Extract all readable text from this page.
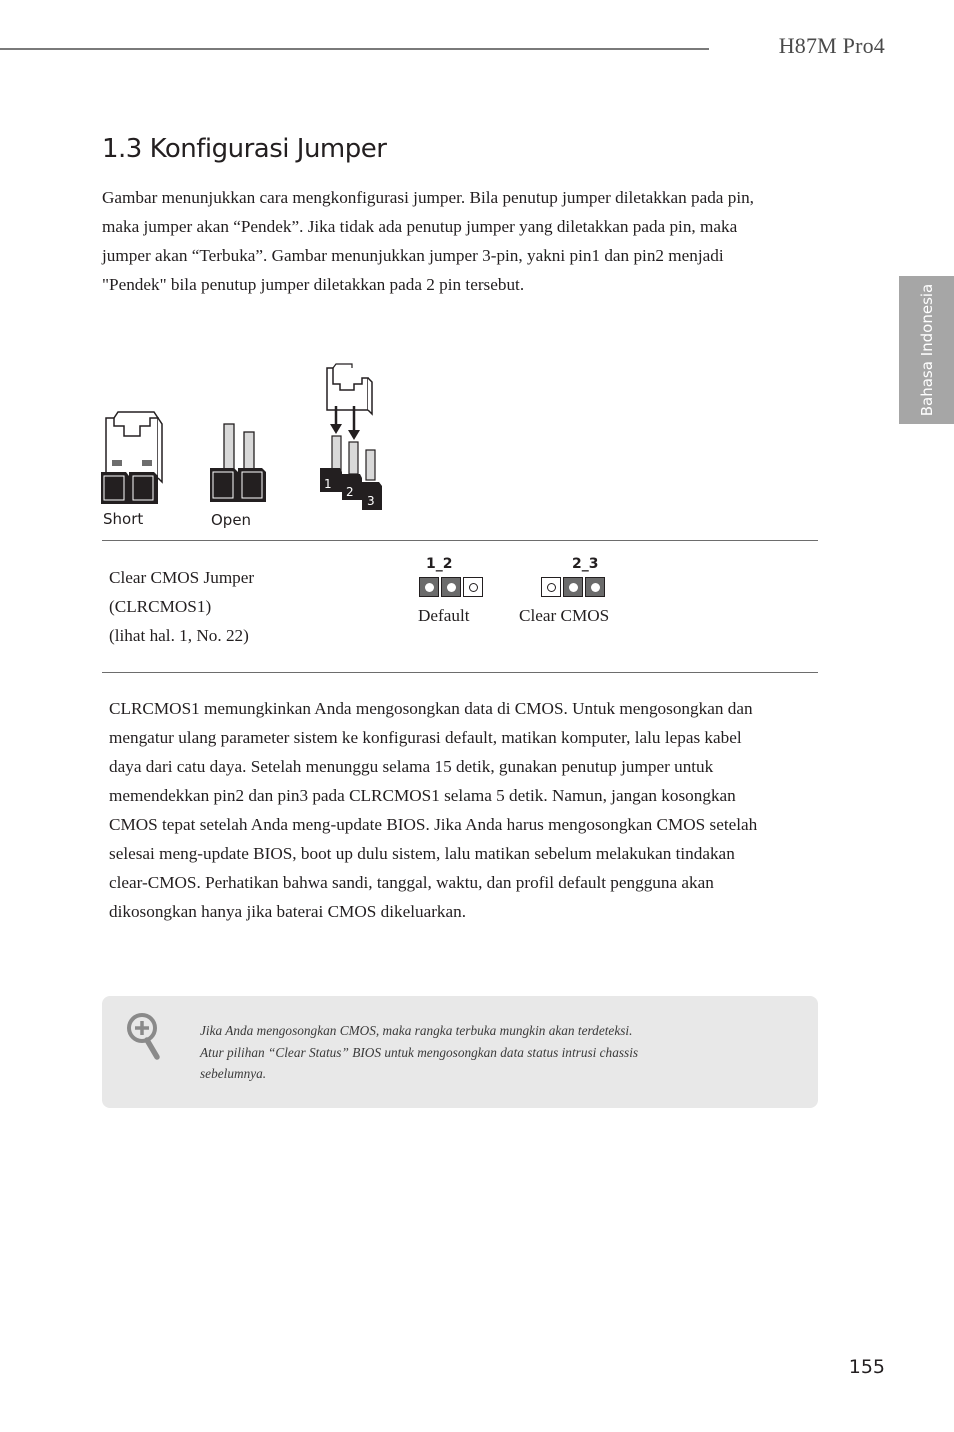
H87M Pro4
Bahasa Indonesia
1.3 Konfigurasi Jumper
Gambar menunjukkan cara mengkonfigurasi jumper. Bila penutup jumper diletakkan pada pin, maka jumper akan “Pendek”. Jika tidak ada penutup jumper yang diletakkan pada pin, maka jumper akan “Terbuka”. Gambar menunjukkan jumper 3-pin, yakni pin1 dan pin2 menjadi "Pendek" bila penutup jumper diletakkan pada 2 pin tersebut.
1
2
3
Short	Open
Clear CMOS Jumper
(CLRCMOS1)
(lihat hal. 1, No. 22)
1_2
Default
2_3
Clear CMOS
CLRCMOS1 memungkinkan Anda mengosongkan data di CMOS. Untuk mengosongkan dan mengatur ulang parameter sistem ke konfigurasi default, matikan komputer, lalu lepas kabel daya dari catu daya. Setelah menunggu selama 15 detik, gunakan penutup jumper untuk memendekkan pin2 dan pin3 pada CLRCMOS1 selama 5 detik. Namun, jangan kosongkan CMOS tepat setelah Anda meng-update BIOS. Jika Anda harus mengosongkan CMOS setelah selesai meng-update BIOS, boot up dulu sistem, lalu matikan sebelum melakukan tindakan clear-CMOS. Perhatikan bahwa sandi, tanggal, waktu, dan profil default pengguna akan dikosongkan hanya jika baterai CMOS dikeluarkan.
Jika Anda mengosongkan CMOS, maka rangka terbuka mungkin akan terdeteksi.
Atur pilihan “Clear Status” BIOS untuk mengosongkan data status intrusi chassis
sebelumnya.
155
